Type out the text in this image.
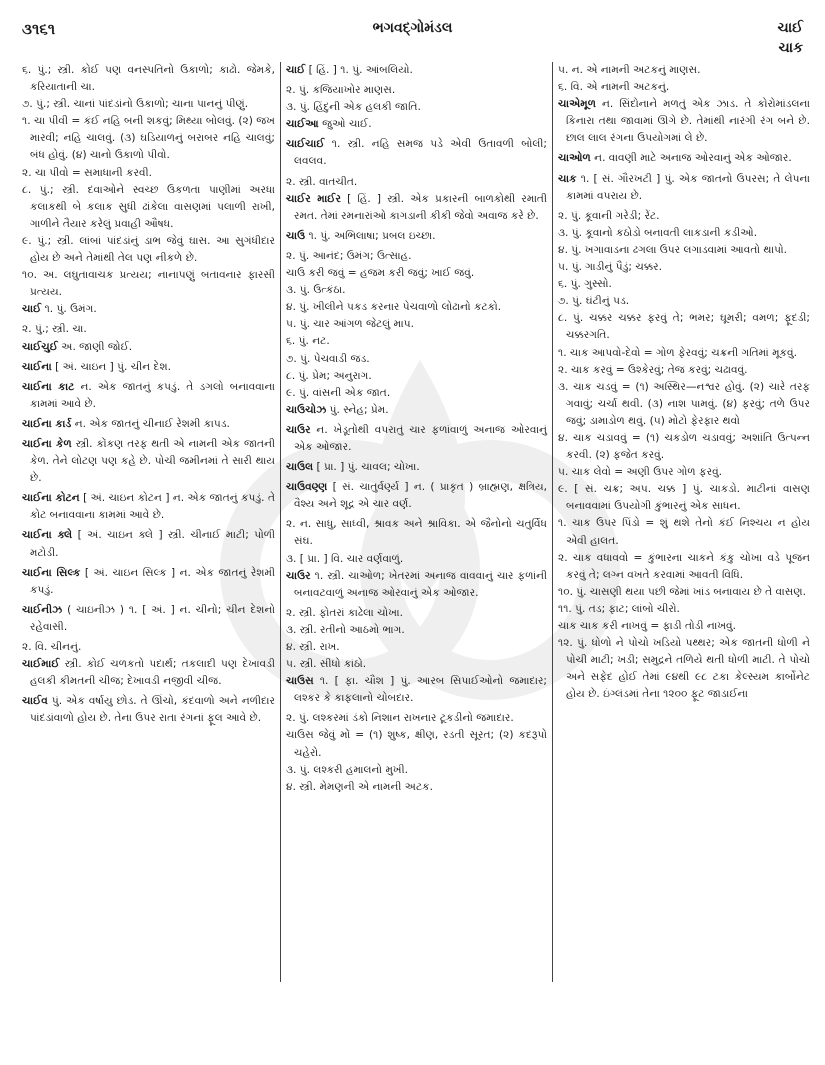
૩૧૬૧	ભગવદ્ગોમંડલ	ચાઈ
ચાક
૬. પું.; સ્ત્રી. કોઈ પણ વનસ્પતિનો ઉકાળો; કાઢો. જેમકે, કરિયાતાની ચા.
૭. પું.; સ્ત્રી. ચાનાં પાંદડાંનો ઉકાળો; ચાના પાનનું પીણું.
૧. ચા પીવી = કંઈ નહિ બની શકવું; મિથ્યા બોલવું. (૨) જખ મારવી; નહિ ચાલવું. (૩) ઘડિયાળનું બરાબર નહિ ચાલવું; બંધ હોવું. (૪) ચાનો ઉકાળો પીવો.
૨. ચા પીવો = સમાધાની કરવી.
૮. પું.; સ્ત્રી. દવાઓને સ્વચ્છ ઉકળતા પાણીમાં અરધા કલાકથી બે કલાક સુધી ઢાંકેલા વાસણમાં પલાળી રાખી, ગાળીને તૈયાર કરેલું પ્રવાહી ઔષધ.
૯. પું.; સ્ત્રી. લાંબાં પાંદડાંનું ડાભ જેવું ઘાસ. આ સુગંધીદાર હોય છે અને તેમાંથી તેલ પણ નીકળે છે.
૧૦. અ. લઘુતાવાચક પ્રત્યય; નાનાપણું બતાવનાર ફારસી પ્રત્યય.
ચાઈ ૧. પું. ઉમંગ.
૨. પું.; સ્ત્રી. ચા.
ચાઈચુઈ અ. જાણી જોઈ.
ચાઈના [ અં. ચાઇન ] પું. ચીન દેશ.
ચાઈના કાટ ન. એક જાતનું કપડું. તે ડગલો બનાવવાના કામમાં આવે છે.
ચાઈના કાર્ડ ન. એક જાતનું ચીનાઈ રેશમી કાપડ.
ચાઈના કેળ સ્ત્રી. કોંકણ તરફ થતી એ નામની એક જાતની કેળ. તેને લોટણ પણ કહે છે. પોચી જમીનમાં તે સારી થાય છે.
ચાઈના કોટન [ અં. ચાઇન કોટન ] ન. એક જાતનું કપડું. તે કોટ બનાવવાના કામમાં આવે છે.
ચાઈના ક્લે [ અં. ચાઇન ક્લે ] સ્ત્રી. ચીનાઈ માટી; પોળી મટોડી.
ચાઈના સિલ્ક [ અં. ચાઇન સિલ્ક ] ન. એક જાતનું રેશમી કપડું.
ચાઈનીઝ ( ચાઇનીઝ ) ૧. [ અં. ] ન. ચીનો; ચીન દેશનો રહેવાસી.
૨. વિ. ચીનનું.
ચાઈમાઈ સ્ત્રી. કોઈ ચળકતો પદાર્થ; તકલાદી પણ દેખાવડી હલકી કીમતની ચીજ; દેખાવડી નજીવી ચીજ.
ચાઈવ પું. એક વર્ષાયુ છોડ. તે ઊંચો, કંદવાળો અને નળીદાર પાંદડાંવાળો હોય છે. તેના ઉપર રાતા રંગનાં ફૂલ આવે છે.
ચાઈ [ હિં. ] ૧. પું. આંબલિયો.
૨. પું. કજિયાખોર માણસ.
૩. પું. હિંદુની એક હલકી જાતિ.
ચાઈઆ જુઓ ચાઈ.
ચાઈચાઈ ૧. સ્ત્રી. નહિ સમજ પડે એવી ઉતાવળી બોલી; લવલવ.
૨. સ્ત્રી. વાતચીત.
ચાઈર માઈર [ હિં. ] સ્ત્રી. એક પ્રકારની બાળકોથી રમાતી રમત. તેમાં રમનારાંઓ કાગડાની કીકી જેવો અવાજ કરે છે.
ચાઉ ૧. પું. અભિલાષા; પ્રબલ ઇચ્છા.
૨. પું. આનંદ; ઉમંગ; ઉત્સાહ.
ચાઉ કરી જવું = હજમ કરી જવું; ખાઈ જવું.
૩. પું. ઉત્કંઠા.
૪. પું. ખીલીને પકડ કરનાર પેચવાળો લોઢાનો કટકો.
૫. પું. ચાર આંગળ જેટલું માપ.
૬. પું. નટ.
૭. પું. પેચવાડી જડ.
૮. પું. પ્રેમ; અનુરાગ.
૯. પું. વાંસની એક જાત.
ચાઉચોઝ પું. સ્નેહ; પ્રેમ.
ચાઉર ન. ખેડૂતોથી વપરાતું ચાર ફળાંવાળું અનાજ ઓરવાનું એક ઓજાર.
ચાઉલ [ પ્રા. ] પું. ચાવલ; ચોખા.
ચાઉવણ્ણ [ સં. ચાતુર્વર્ણ્ય ] ન. ( પ્રાકૃત ) બ્રાહ્મણ, ક્ષત્રિય, વૈશ્ય અને શૂદ્ર એ ચાર વર્ણ.
૨. ન. સાધુ, સાધ્વી, શ્રાવક અને શ્રાવિકા. એ જૈનોનો ચતુર્વિધ સંઘ.
૩. [ પ્રા. ] વિ. ચાર વર્ણવાળું.
ચાઉર ૧. સ્ત્રી. ચાઓળ; ખેતરમાં અનાજ વાવવાનું ચાર ફળાંની બનાવટવાળું અનાજ ઓરવાનું એક ઓજાર.
૨. સ્ત્રી. ફોતરાં કાઢેલા ચોખા.
૩. સ્ત્રી. રતીનો આઠમો ભાગ.
૪. સ્ત્રી. રાખ.
૫. સ્ત્રી. સીધો કાંઠો.
ચાઉસ ૧. [ ફા. ચૌશ ] પું. આરબ સિપાઈઓનો જમાદાર; લશ્કર કે કાફલાનો ચોબદાર.
૨. પું. લશ્કરમાં ડંકો નિશાન રાખનાર ટૂકડીનો જમાદાર.
ચાઉસ જેવું મોં = (૧) શુષ્ક, ક્ષીણ, રડતી સૂરત; (૨) કદરૂપો ચહેરો.
૩. પું. લશ્કરી હમાલનો મુખી.
૪. સ્ત્રી. મેમણની એ નામની અટક.
૫. ન. એ નામની અટકનું માણસ.
૬. વિ. એ નામની અટકનું.
ચાએમૂળ ન. સિંદોનાને મળતું એક ઝાડ. તે કોરોમાંડલના કિનારા તથા જાવામાં ઊગે છે. તેમાંથી નારંગી રંગ બને છે. છાલ લાલ રંગના ઉપયોગમાં લે છે.
ચાઓળ ન. વાવણી માટે અનાજ ઓરવાનું એક ઓજાર.
ચાક ૧. [ સં. ગૌરખટી ] પું. એક જાતનો ઉપરસ; તે લેપના કામમાં વપરાય છે.
૨. પું. કૂવાની ગરેડી; રેંટ.
૩. પું. કૂવાનો કઠોડો બનાવતી લાકડાની કડીઓ.
૪. પું. ખગાવાડના ઢગલા ઉપર લગાડવામાં આવતો થાપો.
૫. પું. ગાડીનું પૈડું; ચક્કર.
૬. પું. ગુસ્સો.
૭. પું. ઘંટીનું પડ.
૮. પું. ચક્કર ચક્કર ફરવું તે; ભમર; ઘૂમરી; વમળ; ફૂદડી; ચક્કરગતિ.
૧. ચાક આપવો-દેવો = ગોળ ફેરવવું; ચક્રની ગતિમાં મૂકવું.
૨. ચાક કરવું = ઉશ્કેરવું; તેજ કરવું; ચઢાવવું.
૩. ચાક ચડવું = (૧) અસ્થિર—નશ્વર હોવું. (૨) ચારે તરફ ગવાવું; ચર્ચા થવી. (૩) નાશ પામવું. (૪) ફરવું; તળે ઉપર જવું; ડામાડોળ થવું. (૫) મોટો ફેરફાર થવો
૪. ચાક ચડાવવું = (૧) ચકડોળ ચડાવવું; અશાંતિ ઉત્પન્ન કરવી. (૨) ફજેત કરવું.
૫. ચાક લેવો = અણી ઉપર ગોળ ફરવું.
૯. [ સં. ચક્ર; અપ. ચક્ક ] પું. ચાકડો. માટીનાં વાસણ બનાવવામાં ઉપયોગી કુંભારનું એક સાધન.
૧. ચાક ઉપર પિંડો = શું થશે તેનો કંઈ નિશ્ચય ન હોય એવી હાલત.
૨. ચાક વધાવવો = કુંભારના ચાકને કંકુ ચોખા વડે પૂજન કરવું તે; લગ્ન વખતે કરવામાં આવતી વિધિ.
૧૦. પું. ચાસણી થયા પછી જેમાં ખાંડ બનાવાય છે તે વાસણ.
૧૧. પું. તડ; ફાટ; લાંબો ચીરો.
ચાક ચાક કરી નાખવું = ફાડી તોડી નાખવું.
૧૨. પું. ધોળો ને પોચો ખડિયો પથ્થર; એક જાતની ધોળી ને પોચી માટી; ખડી; સમુદ્રને તળિયે થતી ધોળી માટી. તે પોચો અને સફેદ હોઈ તેમાં ૯૪થી ૯૮ ટકા કેલ્સ્યમ કાર્બોનેટ હોય છે. ઇંગ્લંડમાં તેના ૧૨૦૦ ફૂટ જાડાઈના
